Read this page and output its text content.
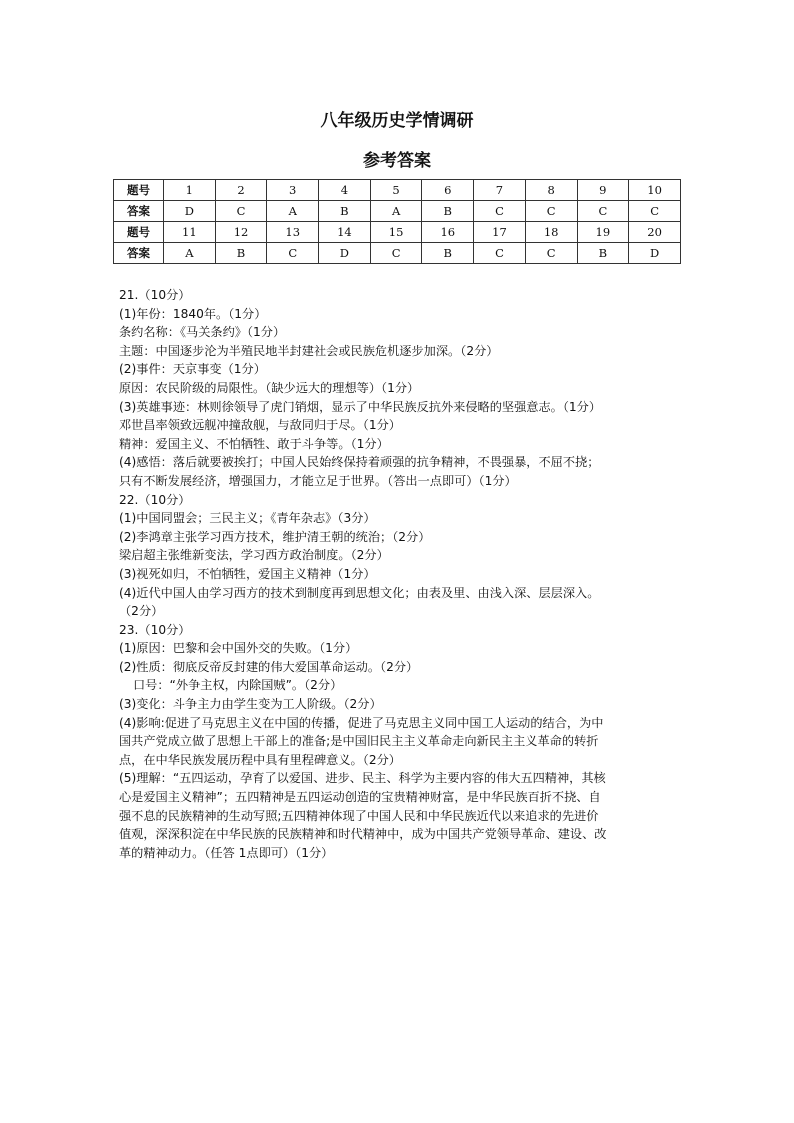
八年级历史学情调研
参考答案
题号	1	2	3	4	5	6	7	8	9	10
答案	D	C	A	B	A	B	C	C	C	C
题号	11	12	13	14	15	16	17	18	19	20
答案	A	B	C	D	C	B	C	C	B	D
21.（10分）
(1)年份：1840年。（1分）
条约名称：《马关条约》（1分）
主题：中国逐步沦为半殖民地半封建社会或民族危机逐步加深。（2分）
(2)事件：天京事变（1分）
原因：农民阶级的局限性。（缺少远大的理想等）（1分）
(3)英雄事迹：林则徐领导了虎门销烟，显示了中华民族反抗外来侵略的坚强意志。（1分）
邓世昌率领致远舰冲撞敌舰，与敌同归于尽。（1分）
精神：爱国主义、不怕牺牲、敢于斗争等。（1分）
(4)感悟：落后就要被挨打；中国人民始终保持着顽强的抗争精神，不畏强暴，不屈不挠；
只有不断发展经济，增强国力，才能立足于世界。（答出一点即可）（1分）
22.（10分）
(1)中国同盟会；三民主义；《青年杂志》（3分）
(2)李鸿章主张学习西方技术，维护清王朝的统治；（2分）
梁启超主张维新变法，学习西方政治制度。（2分）
(3)视死如归，不怕牺牲，爱国主义精神（1分）
(4)近代中国人由学习西方的技术到制度再到思想文化；由表及里、由浅入深、层层深入。
（2分）
23.（10分）
(1)原因：巴黎和会中国外交的失败。（1分）
(2)性质：彻底反帝反封建的伟大爱国革命运动。（2分）
口号：“外争主权，内除国贼”。（2分）
(3)变化：斗争主力由学生变为工人阶级。（2分）
(4)影响:促进了马克思主义在中国的传播，促进了马克思主义同中国工人运动的结合，为中
国共产党成立做了思想上干部上的准备;是中国旧民主主义革命走向新民主主义革命的转折
点，在中华民族发展历程中具有里程碑意义。（2分）
(5)理解：“五四运动，孕育了以爱国、进步、民主、科学为主要内容的伟大五四精神，其核
心是爱国主义精神”；五四精神是五四运动创造的宝贵精神财富，是中华民族百折不挠、自
强不息的民族精神的生动写照;五四精神体现了中国人民和中华民族近代以来追求的先进价
值观，深深积淀在中华民族的民族精神和时代精神中，成为中国共产党领导革命、建设、改
革的精神动力。（任答 1点即可）（1分）
